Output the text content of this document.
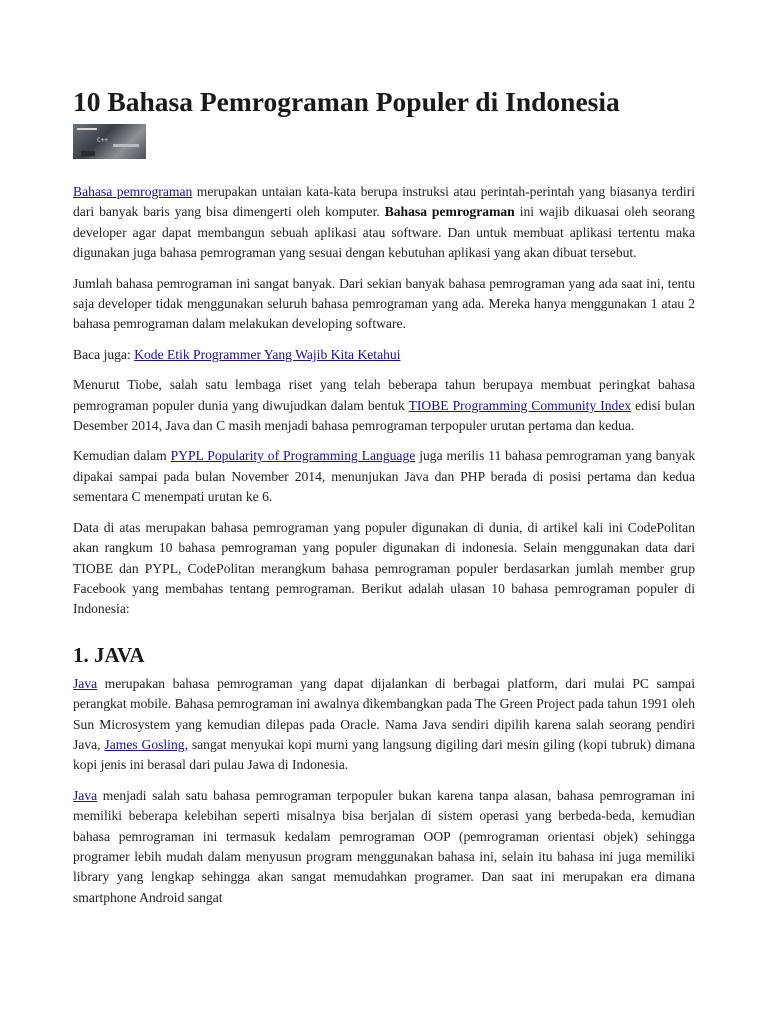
10 Bahasa Pemrograman Populer di Indonesia
C++

Bahasa pemrograman merupakan untaian kata-kata berupa instruksi atau perintah-perintah yang biasanya terdiri dari banyak baris yang bisa dimengerti oleh komputer. Bahasa pemrograman ini wajib dikuasai oleh seorang developer agar dapat membangun sebuah aplikasi atau software. Dan untuk membuat aplikasi tertentu maka digunakan juga bahasa pemrograman yang sesuai dengan kebutuhan aplikasi yang akan dibuat tersebut.

Jumlah bahasa pemrograman ini sangat banyak. Dari sekian banyak bahasa pemrograman yang ada saat ini, tentu saja developer tidak menggunakan seluruh bahasa pemrograman yang ada. Mereka hanya menggunakan 1 atau 2 bahasa pemrograman dalam melakukan developing software.

Baca juga: Kode Etik Programmer Yang Wajib Kita Ketahui

Menurut Tiobe, salah satu lembaga riset yang telah beberapa tahun berupaya membuat peringkat bahasa pemrograman populer dunia yang diwujudkan dalam bentuk TIOBE Programming Community Index edisi bulan Desember 2014, Java dan C masih menjadi bahasa pemrograman terpopuler urutan pertama dan kedua.

Kemudian dalam PYPL Popularity of Programming Language juga merilis 11 bahasa pemrograman yang banyak dipakai sampai pada bulan November 2014, menunjukan Java dan PHP berada di posisi pertama dan kedua sementara C menempati urutan ke 6.

Data di atas merupakan bahasa pemrograman yang populer digunakan di dunia, di artikel kali ini CodePolitan akan rangkum 10 bahasa pemrograman yang populer digunakan di indonesia. Selain menggunakan data dari TIOBE dan PYPL, CodePolitan merangkum bahasa pemrograman populer berdasarkan jumlah member grup Facebook yang membahas tentang pemrograman. Berikut adalah ulasan 10 bahasa pemrograman populer di Indonesia:

1. JAVA

Java merupakan bahasa pemrograman yang dapat dijalankan di berbagai platform, dari mulai PC sampai perangkat mobile. Bahasa pemrograman ini awalnya dikembangkan pada The Green Project pada tahun 1991 oleh Sun Microsystem yang kemudian dilepas pada Oracle. Nama Java sendiri dipilih karena salah seorang pendiri Java, James Gosling, sangat menyukai kopi murni yang langsung digiling dari mesin giling (kopi tubruk) dimana kopi jenis ini berasal dari pulau Jawa di Indonesia.

Java menjadi salah satu bahasa pemrograman terpopuler bukan karena tanpa alasan, bahasa pemrograman ini memiliki beberapa kelebihan seperti misalnya bisa berjalan di sistem operasi yang berbeda-beda, kemudian bahasa pemrograman ini termasuk kedalam pemrograman OOP (pemrograman orientasi objek) sehingga programer lebih mudah dalam menyusun program menggunakan bahasa ini, selain itu bahasa ini juga memiliki library yang lengkap sehingga akan sangat memudahkan programer. Dan saat ini merupakan era dimana smartphone Android sangat
